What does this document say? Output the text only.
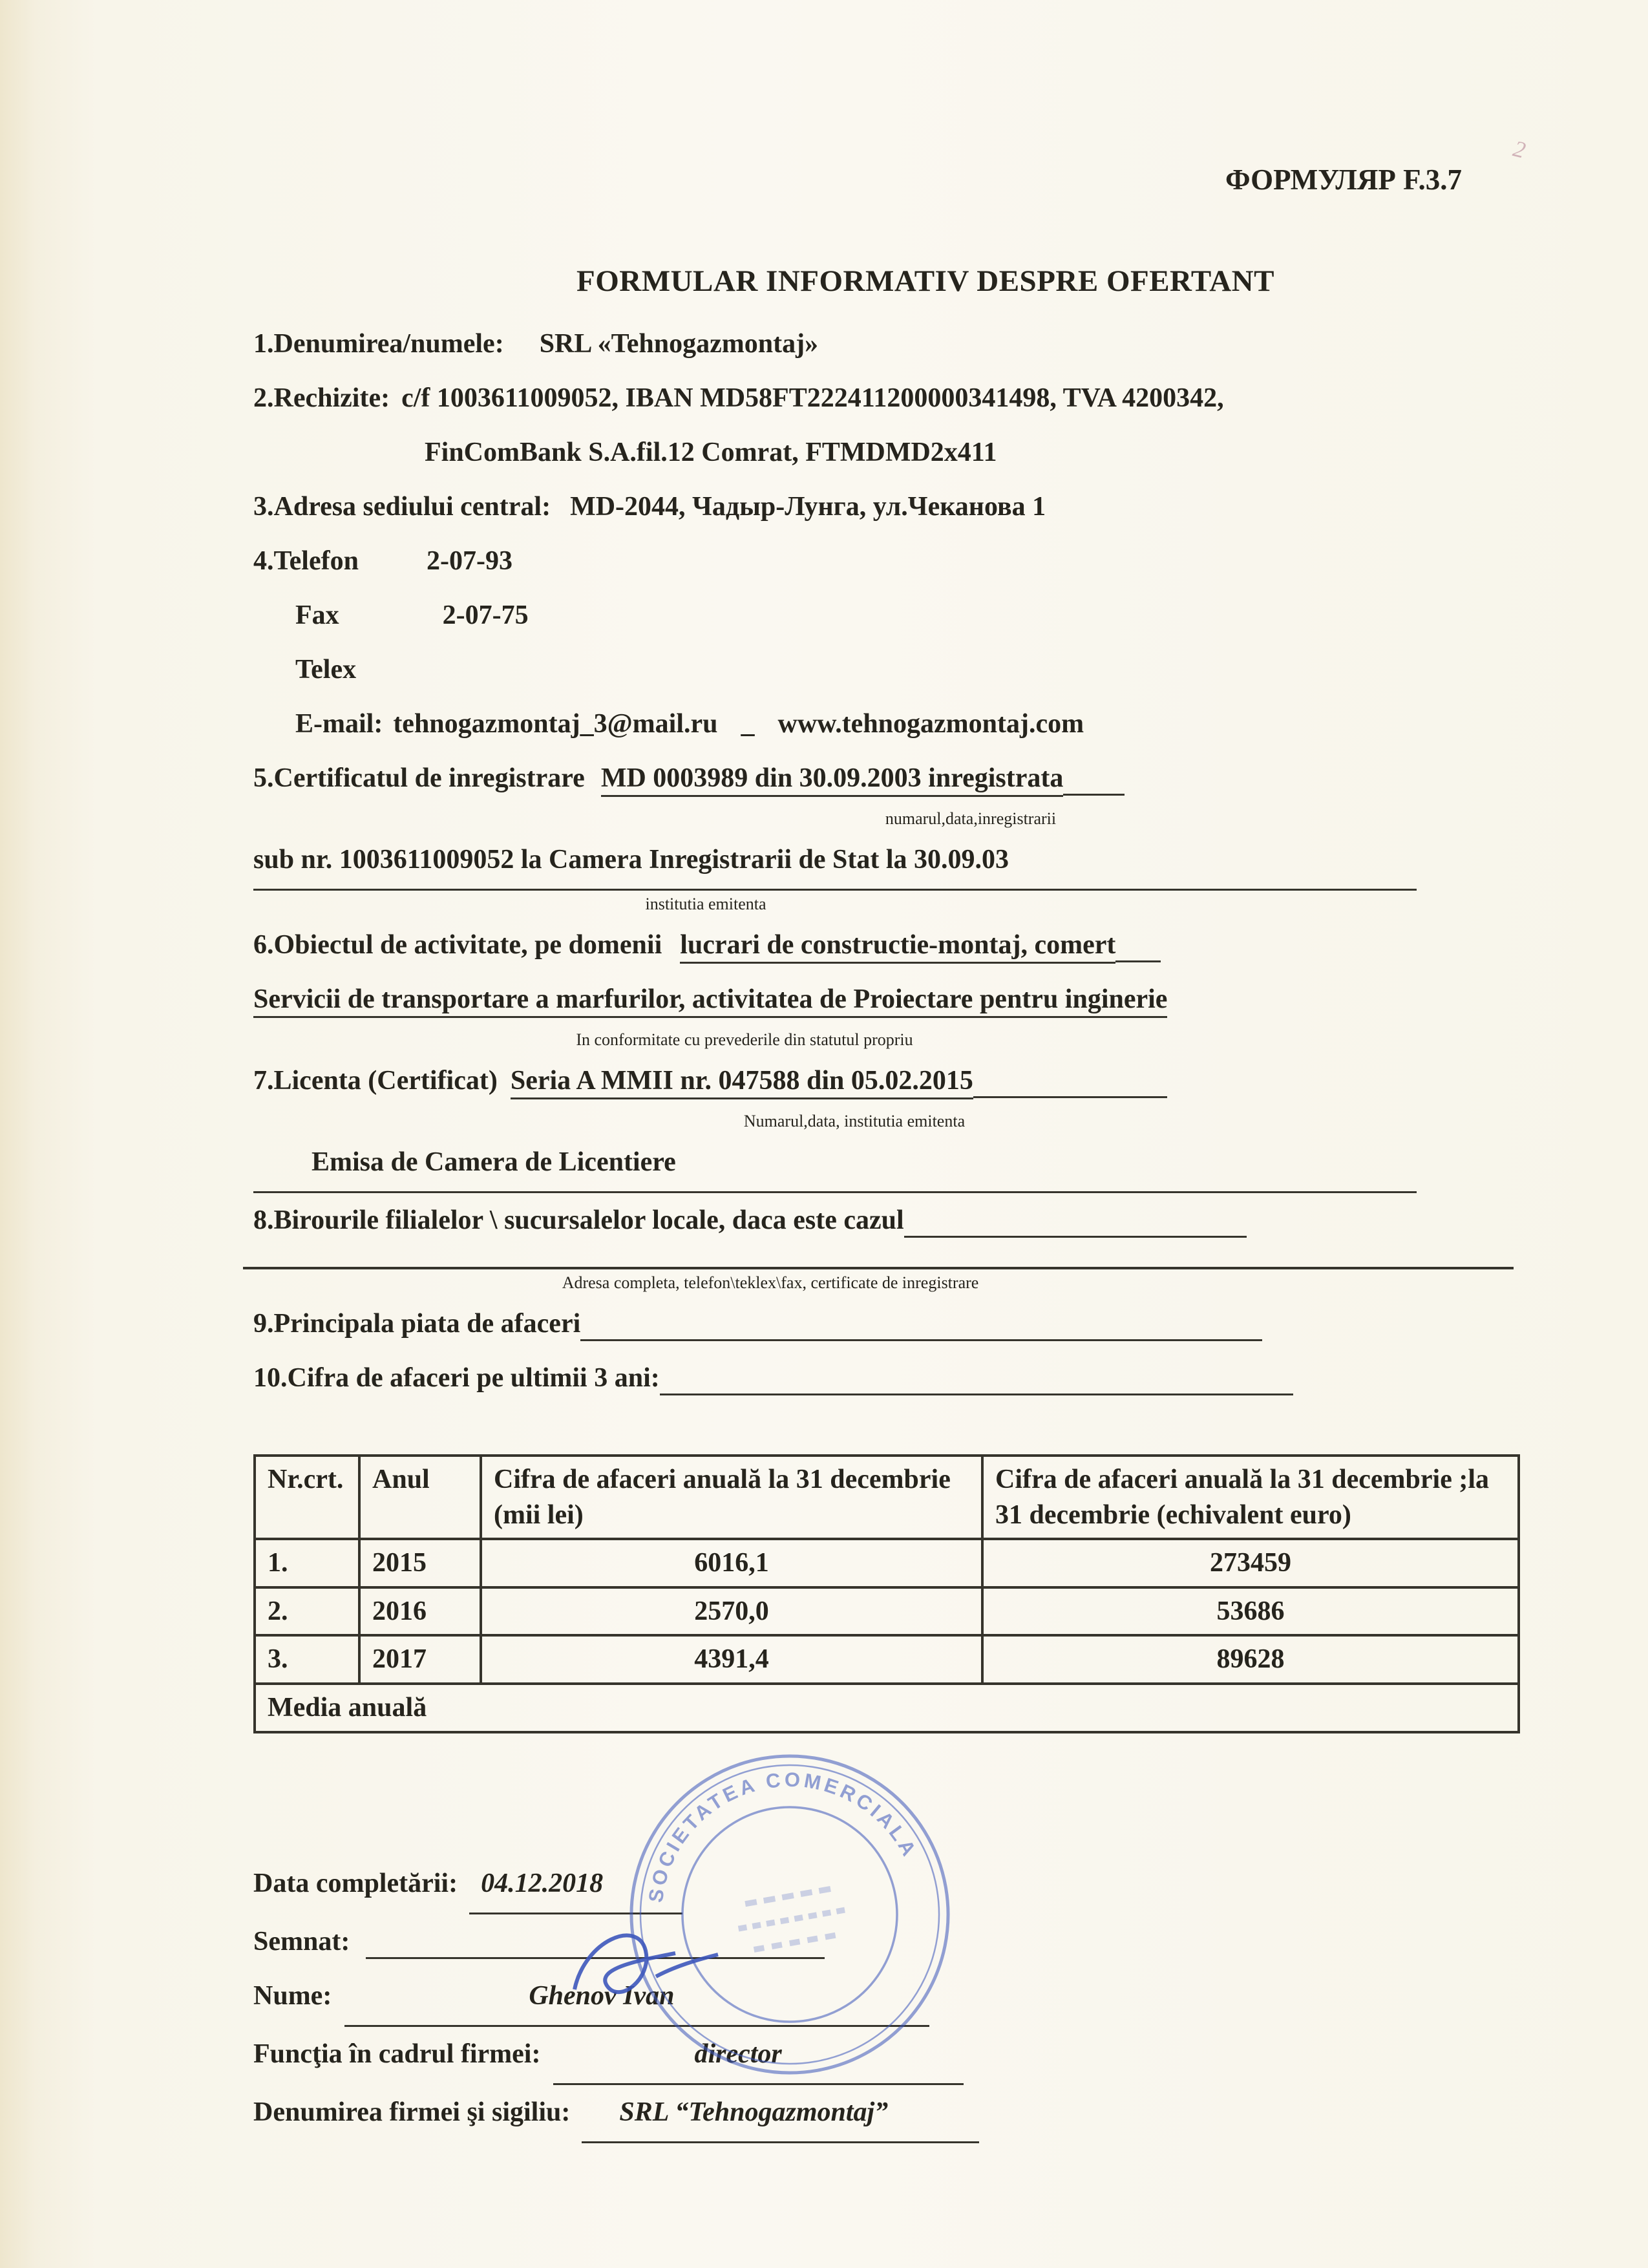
2
ФОРМУЛЯР F.3.7
FORMULAR INFORMATIV DESPRE OFERTANT
1.Denumirea/numele: SRL «Tehnogazmontaj»
2.Rechizite: c/f 1003611009052, IBAN MD58FT222411200000341498, TVA 4200342,
FinComBank S.A.fil.12 Comrat, FTMDMD2x411
3.Adresa sediului central: MD-2044, Чадыр-Лунга, ул.Чеканова 1
4.Telefon	2-07-93
Fax	2-07-75
Telex
E-mail: tehnogazmontaj_3@mail.ru _ www.tehnogazmontaj.com
5.Certificatul de inregistrare MD 0003989 din 30.09.2003 inregistrata
numarul,data,inregistrarii
sub nr. 1003611009052 la Camera Inregistrarii de Stat la 30.09.03
institutia emitenta
6.Obiectul de activitate, pe domenii lucrari de constructie-montaj, comert
Servicii de transportare a marfurilor, activitatea de Proiectare pentru inginerie
In conformitate cu prevederile din statutul propriu
7.Licenta (Certificat) Seria A MMII nr. 047588 din 05.02.2015
Numarul,data, institutia emitenta
Emisa de Camera de Licentiere
8.Birourile filialelor \ sucursalelor locale, daca este cazul
Adresa completa, telefon\teklex\fax, certificate de inregistrare
9.Principala piata de afaceri
10.Cifra de afaceri pe ultimii 3 ani:
Nr.crt.	Anul	Cifra de afaceri anuală la 31 decembrie (mii lei)	Cifra de afaceri anuală la 31 decembrie ;la 31 decembrie (echivalent euro)
1.	2015	6016,1	273459
2.	2016	2570,0	53686
3.	2017	4391,4	89628
Media anuală			
SOCIETATEA COMERCIALA
Data completării: 04.12.2018
Semnat:
Nume:	Ghenov Ivan
Funcţia în cadrul firmei:	director
Denumirea firmei şi sigiliu: SRL “Tehnogazmontaj”
